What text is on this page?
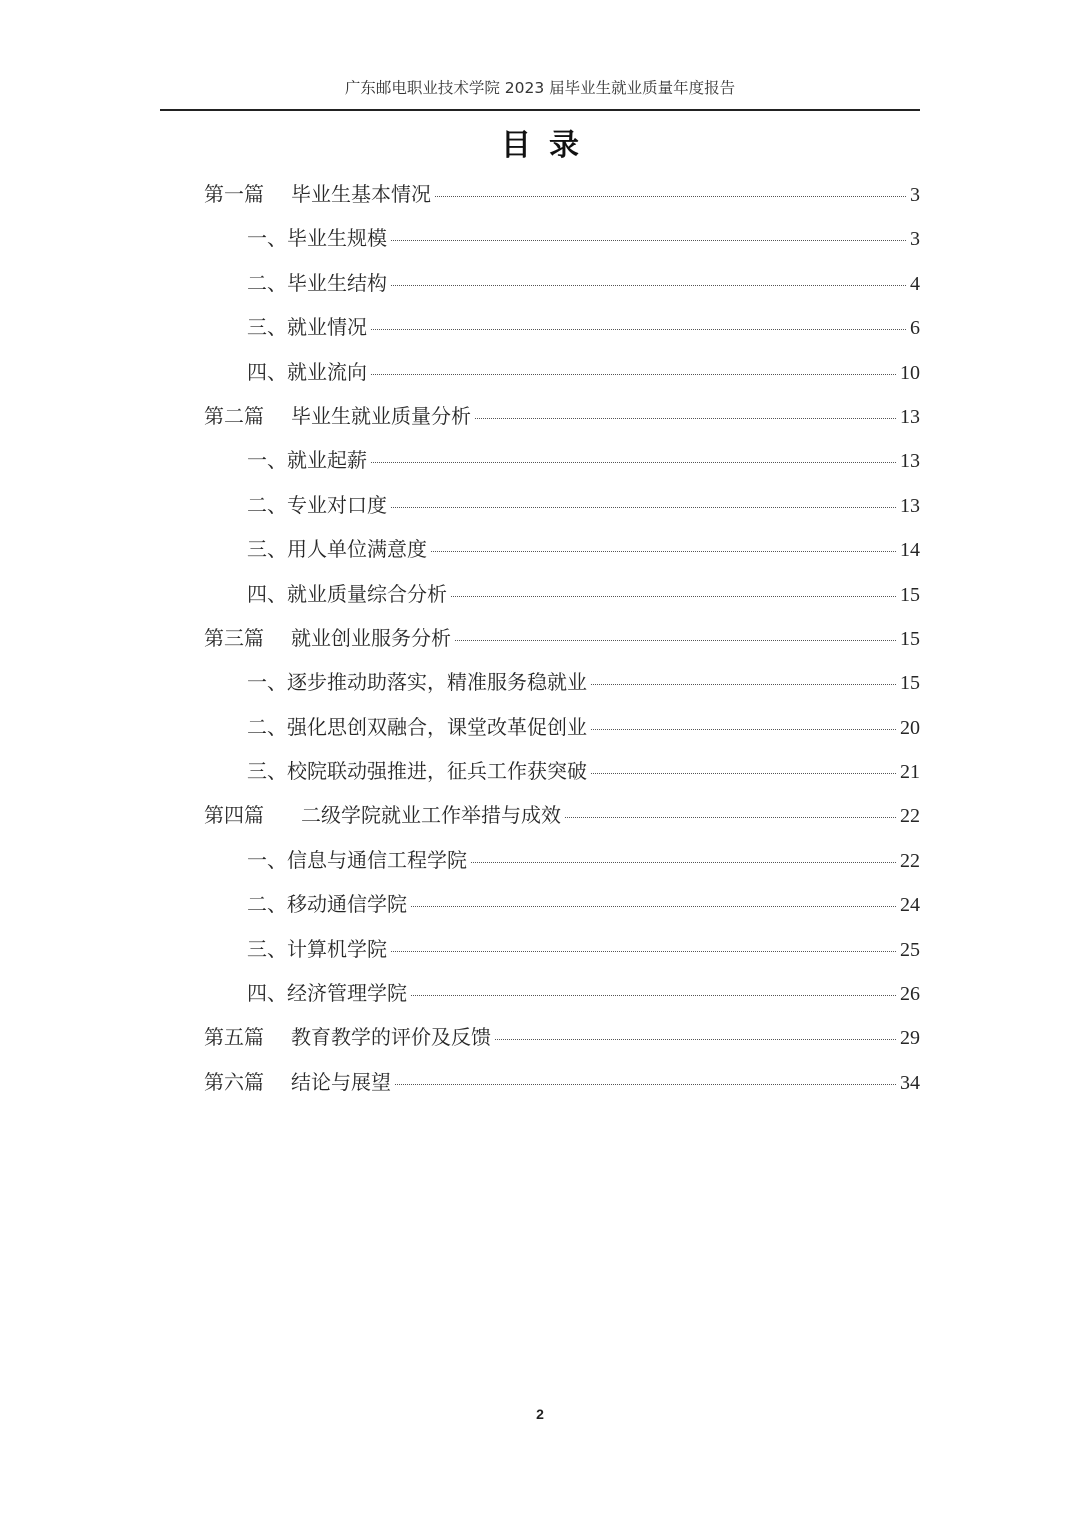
广东邮电职业技术学院 2023 届毕业生就业质量年度报告
目录
第一篇	毕业生基本情况	3
一、毕业生规模	3
二、毕业生结构	4
三、就业情况	6
四、就业流向	10
第二篇	毕业生就业质量分析	13
一、就业起薪	13
二、专业对口度	13
三、用人单位满意度	14
四、就业质量综合分析	15
第三篇	就业创业服务分析	15
一、逐步推动助落实，精准服务稳就业	15
二、强化思创双融合，课堂改革促创业	20
三、校院联动强推进，征兵工作获突破	21
第四篇	二级学院就业工作举措与成效	22
一、信息与通信工程学院	22
二、移动通信学院	24
三、计算机学院	25
四、经济管理学院	26
第五篇	教育教学的评价及反馈	29
第六篇	结论与展望	34
2
